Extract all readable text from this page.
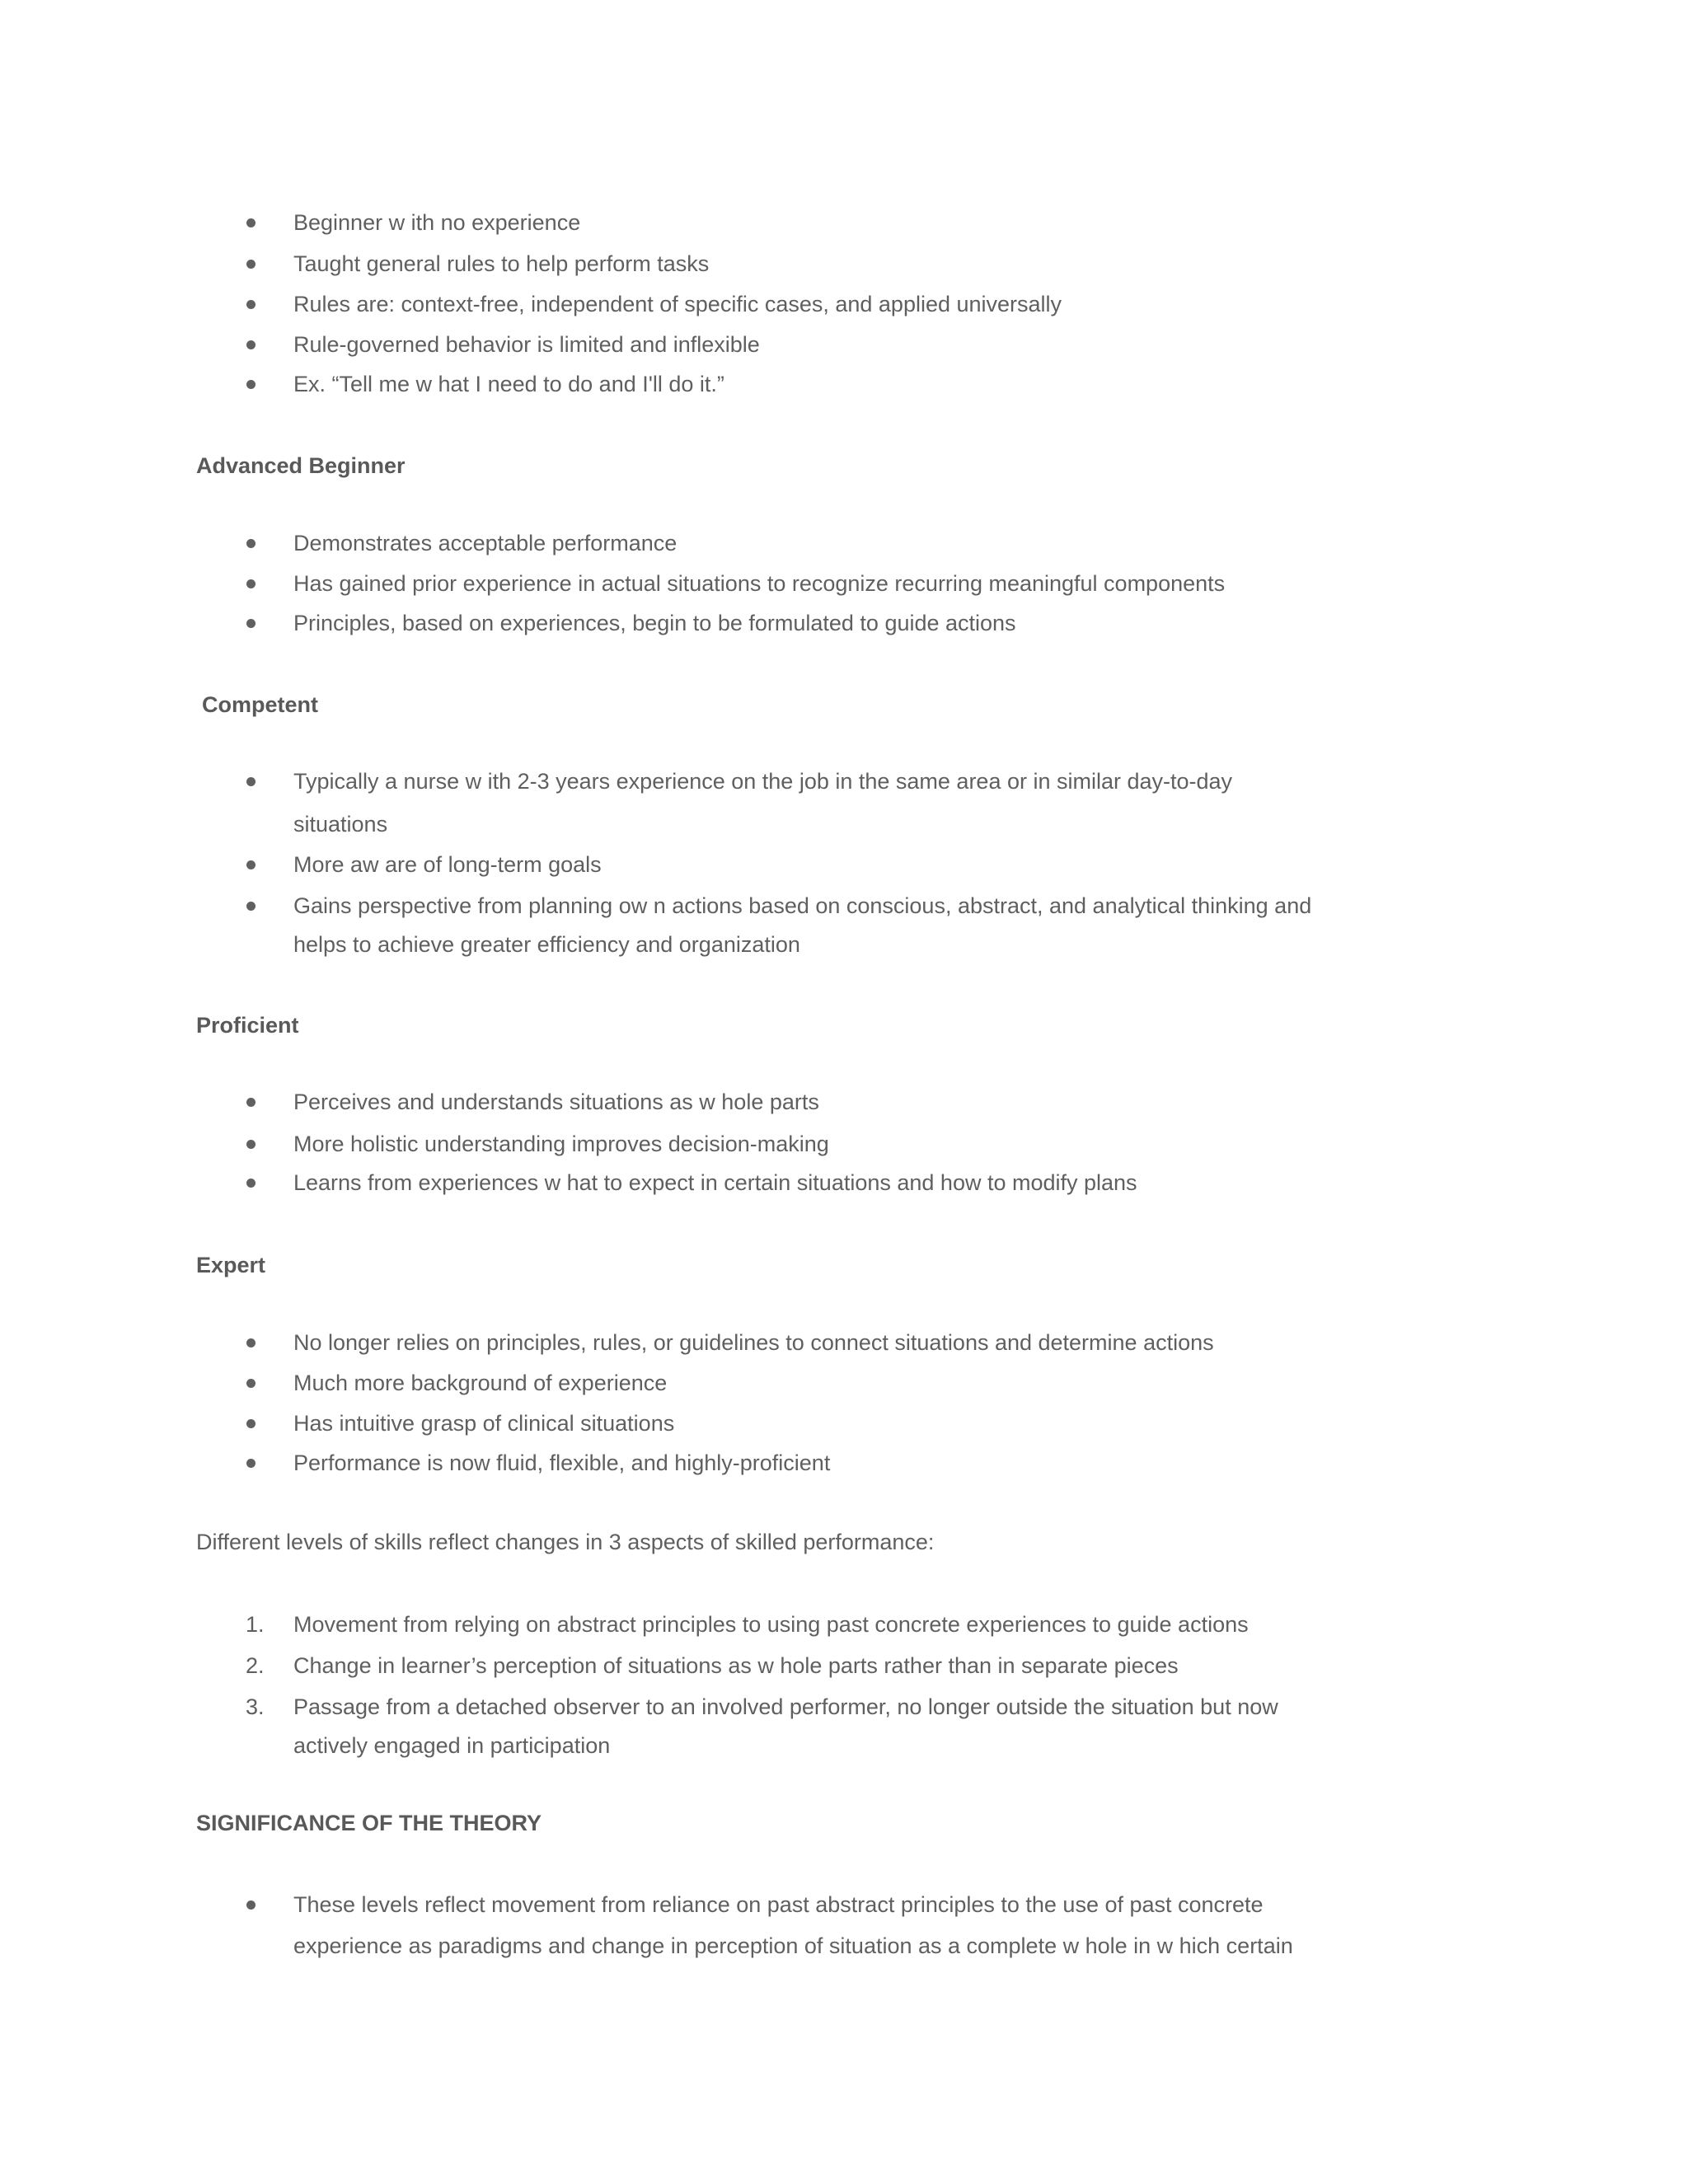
Beginner w ith no experience
Taught general rules to help perform tasks
Rules are: context-free, independent of specific cases, and applied universally
Rule-governed behavior is limited and inflexible
Ex. “Tell me w hat I need to do and I'll do it.”
Advanced Beginner
Demonstrates acceptable performance
Has gained prior experience in actual situations to recognize recurring meaningful components
Principles, based on experiences, begin to be formulated to guide actions
Competent
Typically a nurse w ith 2-3 years experience on the job in the same area or in similar day-to-day
situations
More aw are of long-term goals
Gains perspective from planning ow n actions based on conscious, abstract, and analytical thinking and
helps to achieve greater efficiency and organization
Proficient
Perceives and understands situations as w hole parts
More holistic understanding improves decision-making
Learns from experiences w hat to expect in certain situations and how to modify plans
Expert
No longer relies on principles, rules, or guidelines to connect situations and determine actions
Much more background of experience
Has intuitive grasp of clinical situations
Performance is now fluid, flexible, and highly-proficient
Different levels of skills reflect changes in 3 aspects of skilled performance:
1. Movement from relying on abstract principles to using past concrete experiences to guide actions
2. Change in learner’s perception of situations as w hole parts rather than in separate pieces
3. Passage from a detached observer to an involved performer, no longer outside the situation but now
actively engaged in participation
SIGNIFICANCE OF THE THEORY
These levels reflect movement from reliance on past abstract principles to the use of past concrete
experience as paradigms and change in perception of situation as a complete w hole in w hich certain
